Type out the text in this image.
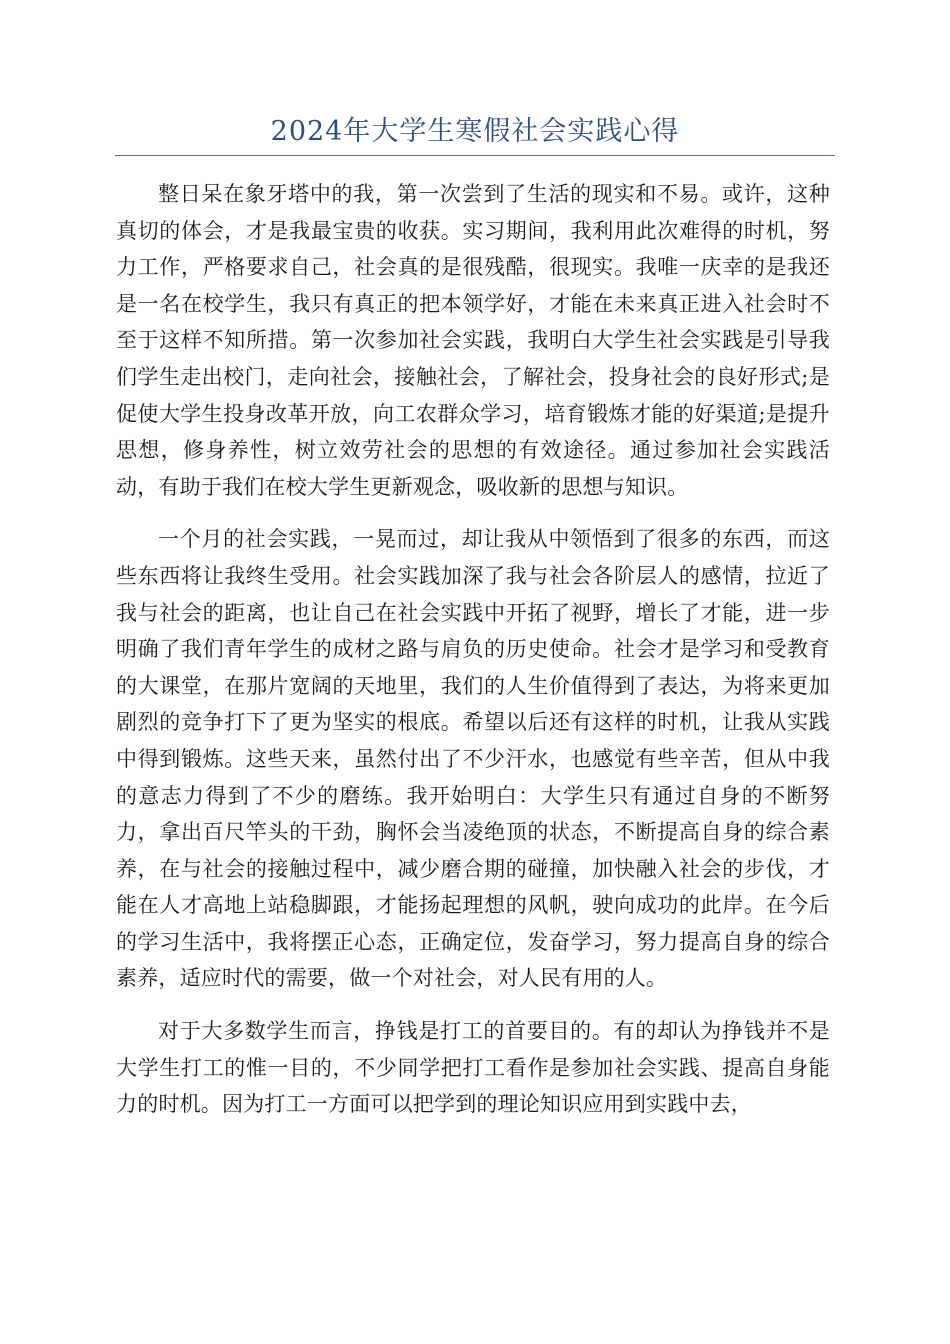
2024年大学生寒假社会实践心得

整日呆在象牙塔中的我，第一次尝到了生活的现实和不易。或许，这种真切的体会，才是我最宝贵的收获。实习期间，我利用此次难得的时机，努力工作，严格要求自己，社会真的是很残酷，很现实。我唯一庆幸的是我还是一名在校学生，我只有真正的把本领学好，才能在未来真正进入社会时不至于这样不知所措。第一次参加社会实践，我明白大学生社会实践是引导我们学生走出校门，走向社会，接触社会，了解社会，投身社会的良好形式;是促使大学生投身改革开放，向工农群众学习，培育锻炼才能的好渠道;是提升思想，修身养性，树立效劳社会的思想的有效途径。通过参加社会实践活动，有助于我们在校大学生更新观念，吸收新的思想与知识。

一个月的社会实践，一晃而过，却让我从中领悟到了很多的东西，而这些东西将让我终生受用。社会实践加深了我与社会各阶层人的感情，拉近了我与社会的距离，也让自己在社会实践中开拓了视野，增长了才能，进一步明确了我们青年学生的成材之路与肩负的历史使命。社会才是学习和受教育的大课堂，在那片宽阔的天地里，我们的人生价值得到了表达，为将来更加剧烈的竞争打下了更为坚实的根底。希望以后还有这样的时机，让我从实践中得到锻炼。这些天来，虽然付出了不少汗水，也感觉有些辛苦，但从中我的意志力得到了不少的磨练。我开始明白：大学生只有通过自身的不断努力，拿出百尺竿头的干劲，胸怀会当凌绝顶的状态，不断提高自身的综合素养，在与社会的接触过程中，减少磨合期的碰撞，加快融入社会的步伐，才能在人才高地上站稳脚跟，才能扬起理想的风帆，驶向成功的此岸。在今后的学习生活中，我将摆正心态，正确定位，发奋学习，努力提高自身的综合素养，适应时代的需要，做一个对社会，对人民有用的人。

对于大多数学生而言，挣钱是打工的首要目的。有的却认为挣钱并不是大学生打工的惟一目的，不少同学把打工看作是参加社会实践、提高自身能力的时机。因为打工一方面可以把学到的理论知识应用到实践中去，
